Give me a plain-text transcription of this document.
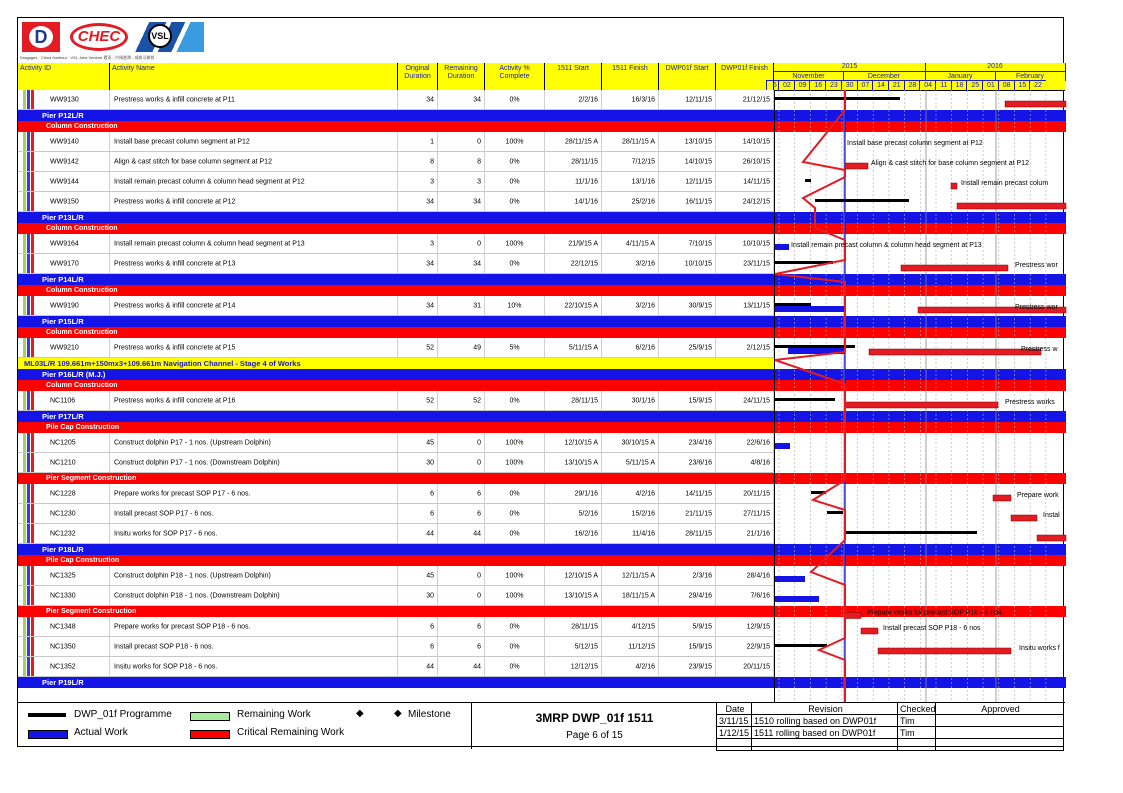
D	CHEC	VSL
Dragages · China Harbour · VSL Joint Venture 寶嘉 - 中國港灣 - 威勝司聯營
Activity ID	Activity Name	Original Duration
Remaining Duration
Activity % Complete
1511 Start	1511 Finish	DWP01f Start	DWP01f Finish	2015	2016
November	December	January	February
5 02	09	16	23	30	07	14	21	28	04	11	18	25	01	08	15	22
WW9130	Prestress works & infill concrete at P11	34	34	0%	2/2/16	16/3/16	12/11/15	21/12/15
Pier P12L/R
Column Construction
WW9140	Install base precast column segment at P12	1	0	100%	28/11/15 A	28/11/15 A	13/10/15	14/10/15
WW9142	Align & cast stitch for base column segment at P12	8	8	0%	28/11/15	7/12/15	14/10/15	26/10/15
WW9144	Install remain precast column & column head segment at P12	3	3	0%	11/1/16	13/1/16	12/11/15	14/11/15
WW9150	Prestress works & infill concrete at P12	34	34	0%	14/1/16	25/2/16	16/11/15	24/12/15
Pier P13L/R
Column Construction
WW9164	Install remain precast column & column head segment at P13	3	0	100%	21/9/15 A	4/11/15 A	7/10/15	10/10/15
WW9170	Prestress works & infill concrete at P13	34	34	0%	22/12/15	3/2/16	10/10/15	23/11/15
Pier P14L/R
Column Construction
WW9190	Prestress works & infill concrete at P14	34	31	10%	22/10/15 A	3/2/16	30/9/15	13/11/15
Pier P15L/R
Column Construction
WW9210	Prestress works & infill concrete at P15	52	49	5%	5/11/15 A	6/2/16	25/9/15	2/12/15
ML03L/R 109.661m+150mx3+109.661m Navigation Channel - Stage 4 of Works
Pier P16L/R (M.J.)
Column Construction
NC1106	Prestress works & infill concrete at P16	52	52	0%	28/11/15	30/1/16	15/9/15	24/11/15
Pier P17L/R
Pile Cap Construction
NC1205	Construct dolphin P17 - 1 nos. (Upstream Dolphin)	45	0	100%	12/10/15 A	30/10/15 A	23/4/16	22/6/16
NC1210	Construct dolphin P17 - 1 nos. (Downstream Dolphin)	30	0	100%	13/10/15 A	5/11/15 A	23/6/16	4/8/16
Pier Segment Construction
NC1228	Prepare works for precast SOP P17 - 6 nos.	6	6	0%	29/1/16	4/2/16	14/11/15	20/11/15
NC1230	Install precast SOP P17 - 6 nos.	6	6	0%	5/2/16	15/2/16	21/11/15	27/11/15
NC1232	Insitu works for SOP P17 - 6 nos.	44	44	0%	16/2/16	11/4/16	28/11/15	21/1/16
Pier P18L/R
Pile Cap Construction
NC1325	Construct dolphin P18 - 1 nos. (Upstream Dolphin)	45	0	100%	12/10/15 A	12/11/15 A	2/3/16	28/4/16
NC1330	Construct dolphin P18 - 1 nos. (Downstream Dolphin)	30	0	100%	13/10/15 A	18/11/15 A	29/4/16	7/6/16
Pier Segment Construction
NC1348	Prepare works for precast SOP P18 - 6 nos.	6	6	0%	28/11/15	4/12/15	5/9/15	12/9/15
NC1350	Install precast SOP P18 - 6 nos.	6	6	0%	5/12/15	11/12/15	15/9/15	22/9/15
NC1352	Insitu works for SOP P18 - 6 nos.	44	44	0%	12/12/15	4/2/16	23/9/15	20/11/15
Pier P19L/R
Install base precast column segment at P12
Align & cast stitch for base column segment at P12
Install remain precast colum
Install remain precast column & column head segment at P13
Prestress wor
Prestress wor
Prestress w
Prestress works
Prepare work
Instal
Prepare works for precast SOP P18 - 6 nos.
Install precast SOP P18 - 6 nos
Insitu works f
DWP_01f Programme
Actual Work
Remaining Work
Critical Remaining Work
◆	◆ Milestone	3MRP DWP_01f 1511
Page 6 of 15
Date	Revision	Checked	Approved
3/11/15 1510 rolling based on DWP01f	Tim
1/12/15 1511 rolling based on DWP01f	Tim
